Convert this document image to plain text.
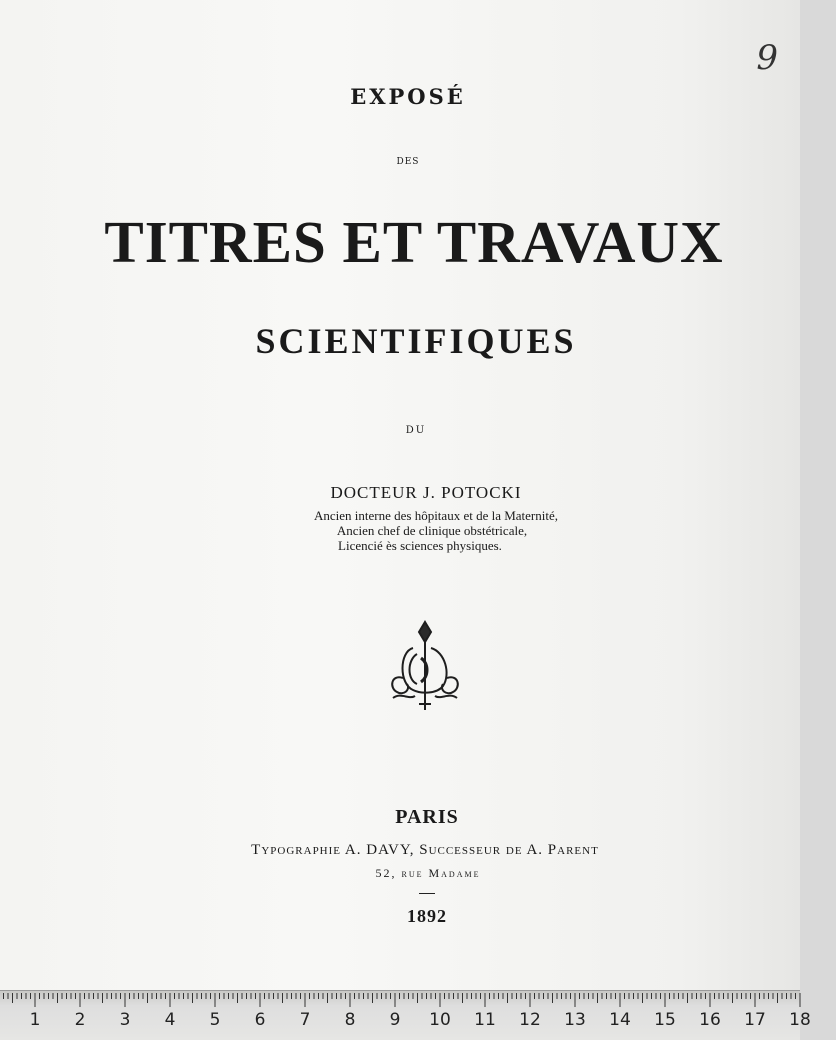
9

EXPOSÉ

DES

TITRES ET TRAVAUX

SCIENTIFIQUES

DU

DOCTEUR J. POTOCKI

Ancien interne des hôpitaux et de la Maternité,

Ancien chef de clinique obstétricale,

Licencié ès sciences physiques.

PARIS

Typographie A. DAVY, Successeur de A. Parent

52, rue Madame

1892

1	2	3	4	5	6	7	8	9	10 11 12 13 14 15 16 17 18
